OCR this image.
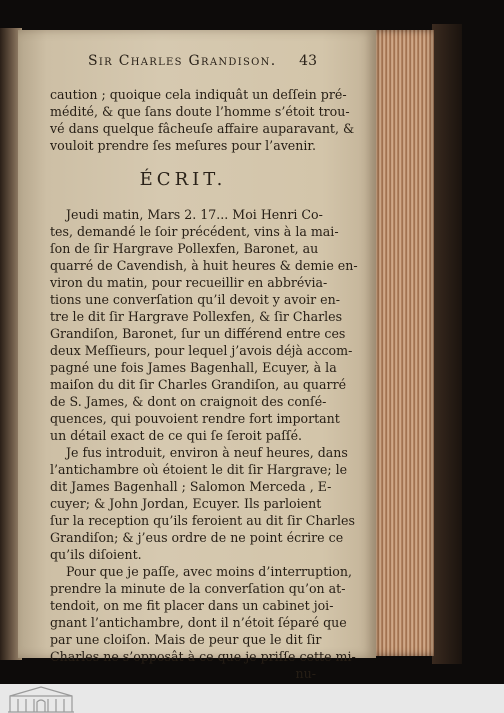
Sir Charles Grandison.	43
caution ; quoique cela indiquât un deſſein pré-
médité, & que ſans doute l’homme s’étoit trou-
vé dans quelque fâcheuſe affaire auparavant, &
vouloit prendre ſes meſures pour l’avenir.
ÉCRIT.
Jeudi matin, Mars 2. 17... Moi Henri Co-
tes, demandé le ſoir précédent, vins à la mai-
ſon de ſir Hargrave Pollexfen, Baronet, au
quarré de Cavendish, à huit heures & demie en-
viron du matin, pour recueillir en abbrévia-
tions une converſation qu’il devoit y avoir en-
tre le dit ſir Hargrave Pollexfen, & ſir Charles
Grandiſon, Baronet, ſur un différend entre ces
deux Meſſieurs, pour lequel j’avois déjà accom-
pagné une fois James Bagenhall, Ecuyer, à la
maiſon du dit ſir Charles Grandiſon, au quarré
de S. James, & dont on craignoit des conſé-
quences, qui pouvoient rendre fort important
un détail exact de ce qui ſe ſeroit paſſé.
Je fus introduit, environ à neuf heures, dans
l’antichambre où étoient le dit ſir Hargrave; le
dit James Bagenhall ; Salomon Merceda , E-
cuyer; & John Jordan, Ecuyer. Ils parloient
ſur la reception qu’ils feroient au dit ſir Charles
Grandiſon; & j’eus ordre de ne point écrire ce
qu’ils diſoient.
Pour que je paſſe, avec moins d’interruption,
prendre la minute de la converſation qu’on at-
tendoit, on me fit placer dans un cabinet joi-
gnant l’antichambre, dont il n’étoit ſéparé que
par une cloiſon. Mais de peur que le dit ſir
Charles ne s’opposât à ce que je priſſe cette mi-
nu-
